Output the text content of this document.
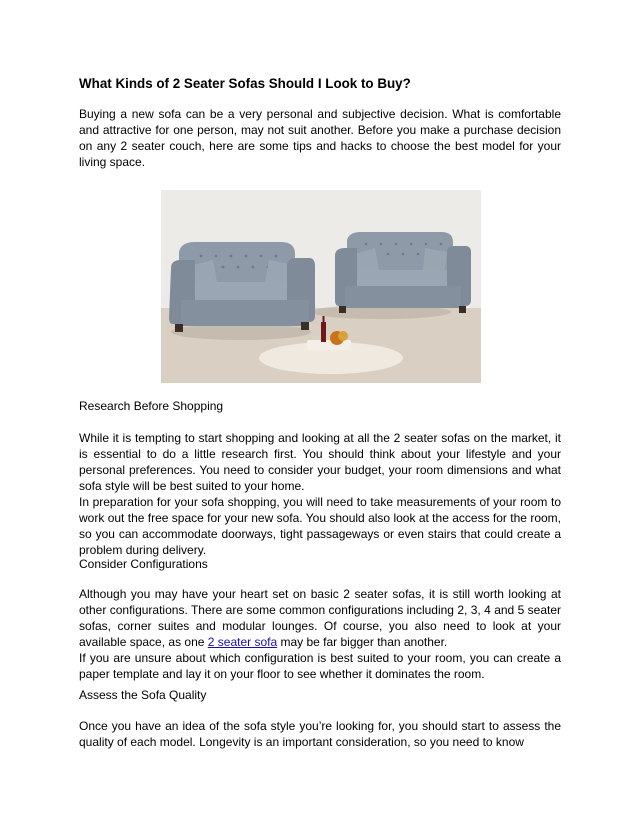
What Kinds of 2 Seater Sofas Should I Look to Buy?

Buying a new sofa can be a very personal and subjective decision. What is comfortable and attractive for one person, may not suit another. Before you make a purchase decision on any 2 seater couch, here are some tips and hacks to choose the best model for your living space.

Research Before Shopping

While it is tempting to start shopping and looking at all the 2 seater sofas on the market, it is essential to do a little research first. You should think about your lifestyle and your personal preferences. You need to consider your budget, your room dimensions and what sofa style will be best suited to your home.

In preparation for your sofa shopping, you will need to take measurements of your room to work out the free space for your new sofa. You should also look at the access for the room, so you can accommodate doorways, tight passageways or even stairs that could create a problem during delivery.

Consider Configurations

Although you may have your heart set on basic 2 seater sofas, it is still worth looking at other configurations. There are some common configurations including 2, 3, 4 and 5 seater sofas, corner suites and modular lounges. Of course, you also need to look at your available space, as one 2 seater sofa may be far bigger than another.

If you are unsure about which configuration is best suited to your room, you can create a paper template and lay it on your floor to see whether it dominates the room.

Assess the Sofa Quality

Once you have an idea of the sofa style you’re looking for, you should start to assess the quality of each model. Longevity is an important consideration, so you need to know
